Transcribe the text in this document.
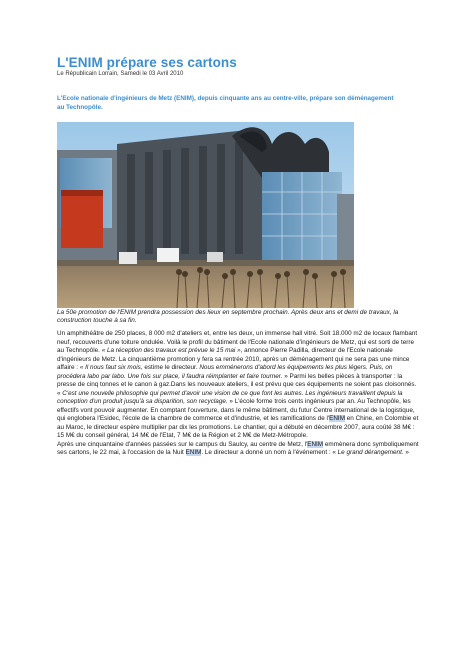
L'ENIM prépare ses cartons
Le Républicain Lorrain, Samedi le 03 Avril 2010
L'Ecole nationale d'ingénieurs de Metz (ENIM), depuis cinquante ans au centre-ville, prépare son déménagement au Technopôle.
La 50e promotion de l'ENIM prendra possession des lieux en septembre prochain. Après deux ans et demi de travaux, la construction touche à sa fin.

Un amphithéâtre de 250 places, 8 000 m2 d'ateliers et, entre les deux, un immense hall vitré. Soit 18.000 m2 de locaux flambant neuf, recouverts d'une toiture ondulée. Voilà le profil du bâtiment de l'Ecole nationale d'ingénieurs de Metz, qui est sorti de terre au Technopôle. « La réception des travaux est prévue le 15 mai », annonce Pierre Padilla, directeur de l'Ecole nationale d'ingénieurs de Metz. La cinquantième promotion y fera sa rentrée 2010, après un déménagement qui ne sera pas une mince affaire : « Il nous faut six mois, estime le directeur. Nous emménerons d'abord les équipements les plus légers. Puis, on procédera labo par labo. Une fois sur place, il faudra réimplanter et faire tourner. » Parmi les belles pièces à transporter : la presse de cinq tonnes et le canon à gaz.Dans les nouveaux ateliers, il est prévu que ces équipements ne soient pas cloisonnés. « C'est une nouvelle philosophie qui permet d'avoir une vision de ce que font les autres. Les ingénieurs travaillent depuis la conception d'un produit jusqu'à sa disparition, son recyclage. » L'école forme trois cents ingénieurs par an. Au Technopôle, les effectifs vont pouvoir augmenter. En comptant l'ouverture, dans le même bâtiment, du futur Centre international de la logistique, qui englobera l'Esidec, l'école de la chambre de commerce et d'industrie, et les ramifications de l'ENIM en Chine, en Colombie et au Maroc, le directeur espère multiplier par dix les promotions. Le chantier, qui a débuté en décembre 2007, aura coûté 38 M€ : 15 M€ du conseil général, 14 M€ de l'Etat, 7 M€ de la Région et 2 M€ de Metz-Métropole.

Après une cinquantaine d'années passées sur le campus du Saulcy, au centre de Metz, l'ENIM emmènera donc symboliquement ses cartons, le 22 mai, à l'occasion de la Nuit ENIM. Le directeur a donné un nom à l'événement : « Le grand dérangement. »
